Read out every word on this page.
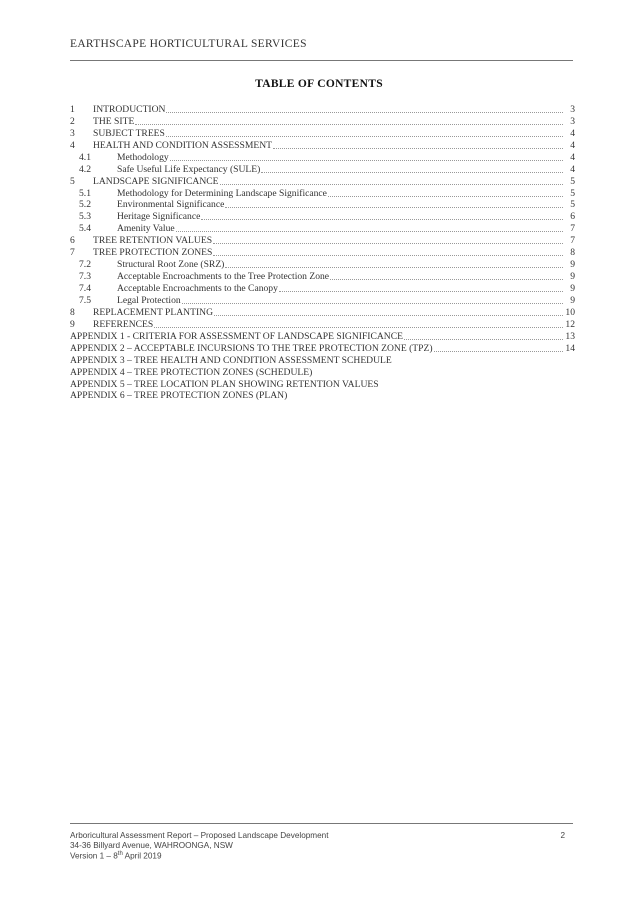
EARTHSCAPE HORTICULTURAL SERVICES
TABLE OF CONTENTS
1	INTRODUCTION	3
2	THE SITE	3
3	SUBJECT TREES	4
4	HEALTH AND CONDITION ASSESSMENT	4
4.1	Methodology	4
4.2	Safe Useful Life Expectancy (SULE)	4
5	LANDSCAPE SIGNIFICANCE	5
5.1	Methodology for Determining Landscape Significance	5
5.2	Environmental Significance	5
5.3	Heritage Significance	6
5.4	Amenity Value	7
6	TREE RETENTION VALUES	7
7	TREE PROTECTION ZONES	8
7.2	Structural Root Zone (SRZ)	9
7.3	Acceptable Encroachments to the Tree Protection Zone	9
7.4	Acceptable Encroachments to the Canopy	9
7.5	Legal Protection	9
8	REPLACEMENT PLANTING	10
9	REFERENCES	12
APPENDIX 1 - CRITERIA FOR ASSESSMENT OF LANDSCAPE SIGNIFICANCE	13
APPENDIX 2 – ACCEPTABLE INCURSIONS TO THE TREE PROTECTION ZONE (TPZ)	14
APPENDIX 3 – TREE HEALTH AND CONDITION ASSESSMENT SCHEDULE
APPENDIX 4 – TREE PROTECTION ZONES (SCHEDULE)
APPENDIX 5 – TREE LOCATION PLAN SHOWING RETENTION VALUES
APPENDIX 6 – TREE PROTECTION ZONES (PLAN)
Arboricultural Assessment Report – Proposed Landscape Development
34-36 Billyard Avenue, WAHROONGA, NSW
Version 1 – 8th April 2019
2
